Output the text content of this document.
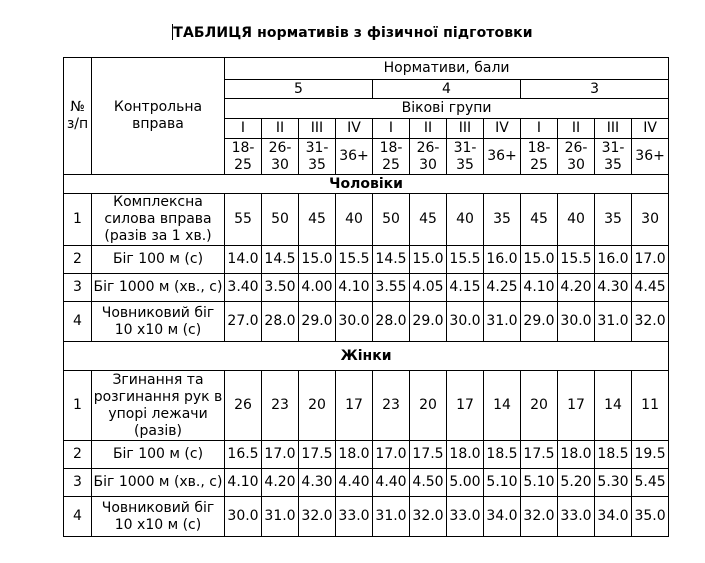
ТАБЛИЦЯ нормативів з фізичної підготовки
№ з/п	Контрольна вправа	Нормативи, бали											
		5				4				3			
		Вікові групи											
		I	II	III	IV	I	II	III	IV	I	II	III	IV
		18-25	26-30	31-35	36+	18-25	26-30	31-35	36+	18-25	26-30	31-35	36+
Чоловіки													
1	Комплексна силова вправа (разів за 1 хв.)	55	50	45	40	50	45	40	35	45	40	35	30
2	Біг 100 м (с)	14.0	14.5	15.0	15.5	14.5	15.0	15.5	16.0	15.0	15.5	16.0	17.0
3	Біг 1000 м (хв., с)	3.40	3.50	4.00	4.10	3.55	4.05	4.15	4.25	4.10	4.20	4.30	4.45
4	Човниковий біг 10 х10 м (с)	27.0	28.0	29.0	30.0	28.0	29.0	30.0	31.0	29.0	30.0	31.0	32.0
Жінки													
1	Згинання та розгинання рук в упорі лежачи (разів)	26	23	20	17	23	20	17	14	20	17	14	11
2	Біг 100 м (с)	16.5	17.0	17.5	18.0	17.0	17.5	18.0	18.5	17.5	18.0	18.5	19.5
3	Біг 1000 м (хв., с)	4.10	4.20	4.30	4.40	4.40	4.50	5.00	5.10	5.10	5.20	5.30	5.45
4	Човниковий біг 10 х10 м (с)	30.0	31.0	32.0	33.0	31.0	32.0	33.0	34.0	32.0	33.0	34.0	35.0
